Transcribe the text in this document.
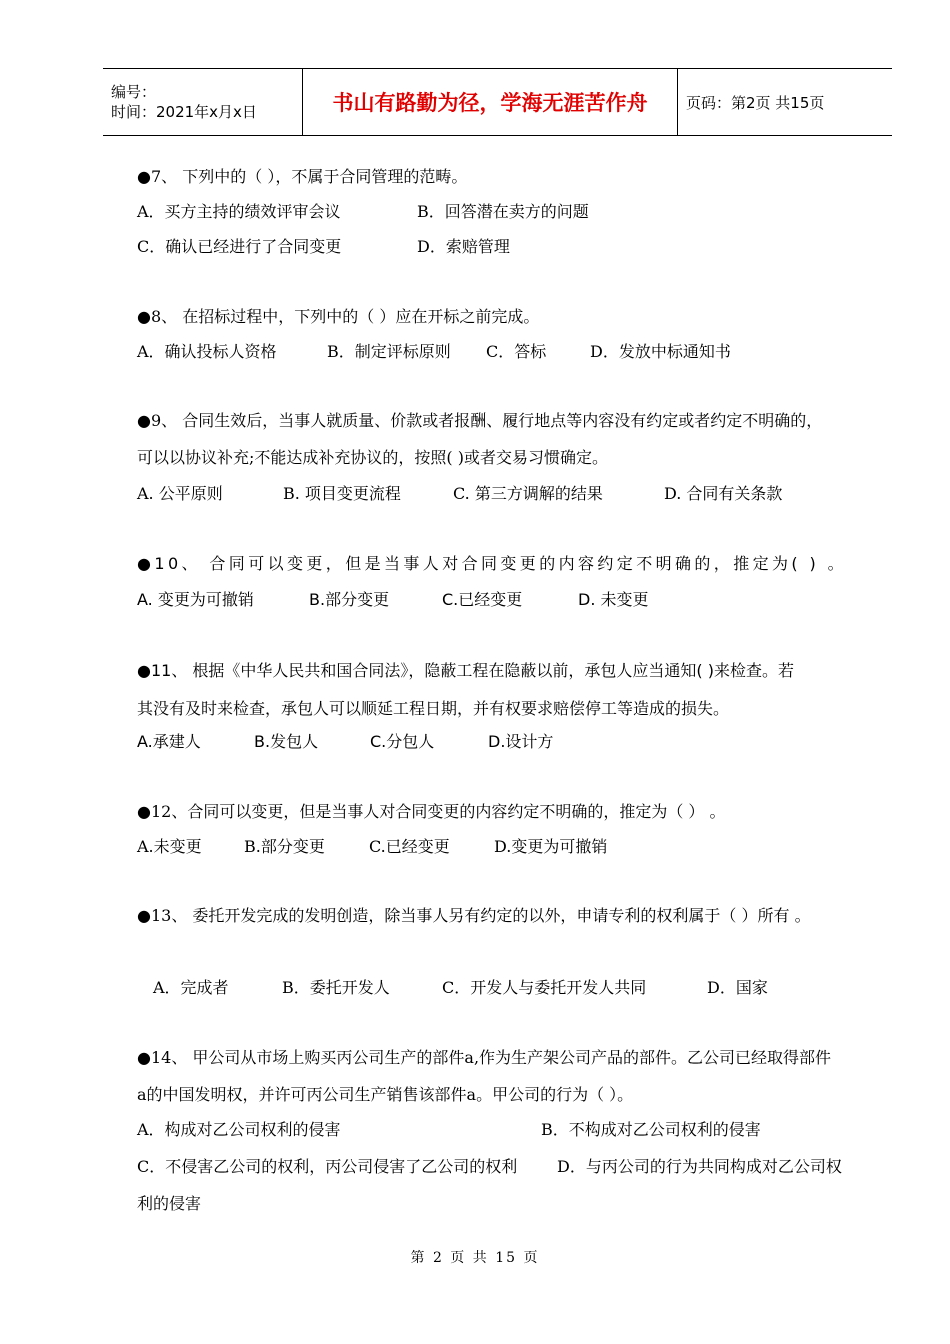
编号：
时间：2021年x月x日	书山有路勤为径，学海无涯苦作舟	页码：第2页 共15页
●7、 下列中的（ ），不属于合同管理的范畴。
A．买方主持的绩效评审会议	B．回答潜在卖方的问题
C．确认已经进行了合同变更	D．索赔管理
●8、 在招标过程中，下列中的（ ）应在开标之前完成。
A．确认投标人资格	B．制定评标原则 C．答标	D．发放中标通知书
●9、 合同生效后，当事人就质量、价款或者报酬、履行地点等内容没有约定或者约定不明确的，
可以以协议补充;不能达成补充协议的，按照( )或者交易习惯确定。
A. 公平原则	B. 项目变更流程	C. 第三方调解的结果	D. 合同有关条款
●10、 合同可以变更，但是当事人对合同变更的内容约定不明确的，推定为( ) 。
A. 变更为可撤销	B.部分变更	C.已经变更	D. 未变更
●11、 根据《中华人民共和国合同法》，隐蔽工程在隐蔽以前，承包人应当通知( )来检查。若
其没有及时来检查，承包人可以顺延工程日期，并有权要求赔偿停工等造成的损失。
A.承建人	B.发包人	C.分包人	D.设计方
●12、合同可以变更，但是当事人对合同变更的内容约定不明确的，推定为（ ） 。
A.未变更	B.部分变更	C.已经变更	D.变更为可撤销
●13、 委托开发完成的发明创造，除当事人另有约定的以外，申请专利的权利属于（ ）所有 。
A．完成者	B．委托开发人	C．开发人与委托开发人共同	D．国家
●14、 甲公司从市场上购买丙公司生产的部件a,作为生产架公司产品的部件。乙公司已经取得部件
a的中国发明权，并许可丙公司生产销售该部件a。甲公司的行为（ ）。
A．构成对乙公司权利的侵害	B．不构成对乙公司权利的侵害
C．不侵害乙公司的权利，丙公司侵害了乙公司的权利 D．与丙公司的行为共同构成对乙公司权
利的侵害
第 2 页 共 15 页
